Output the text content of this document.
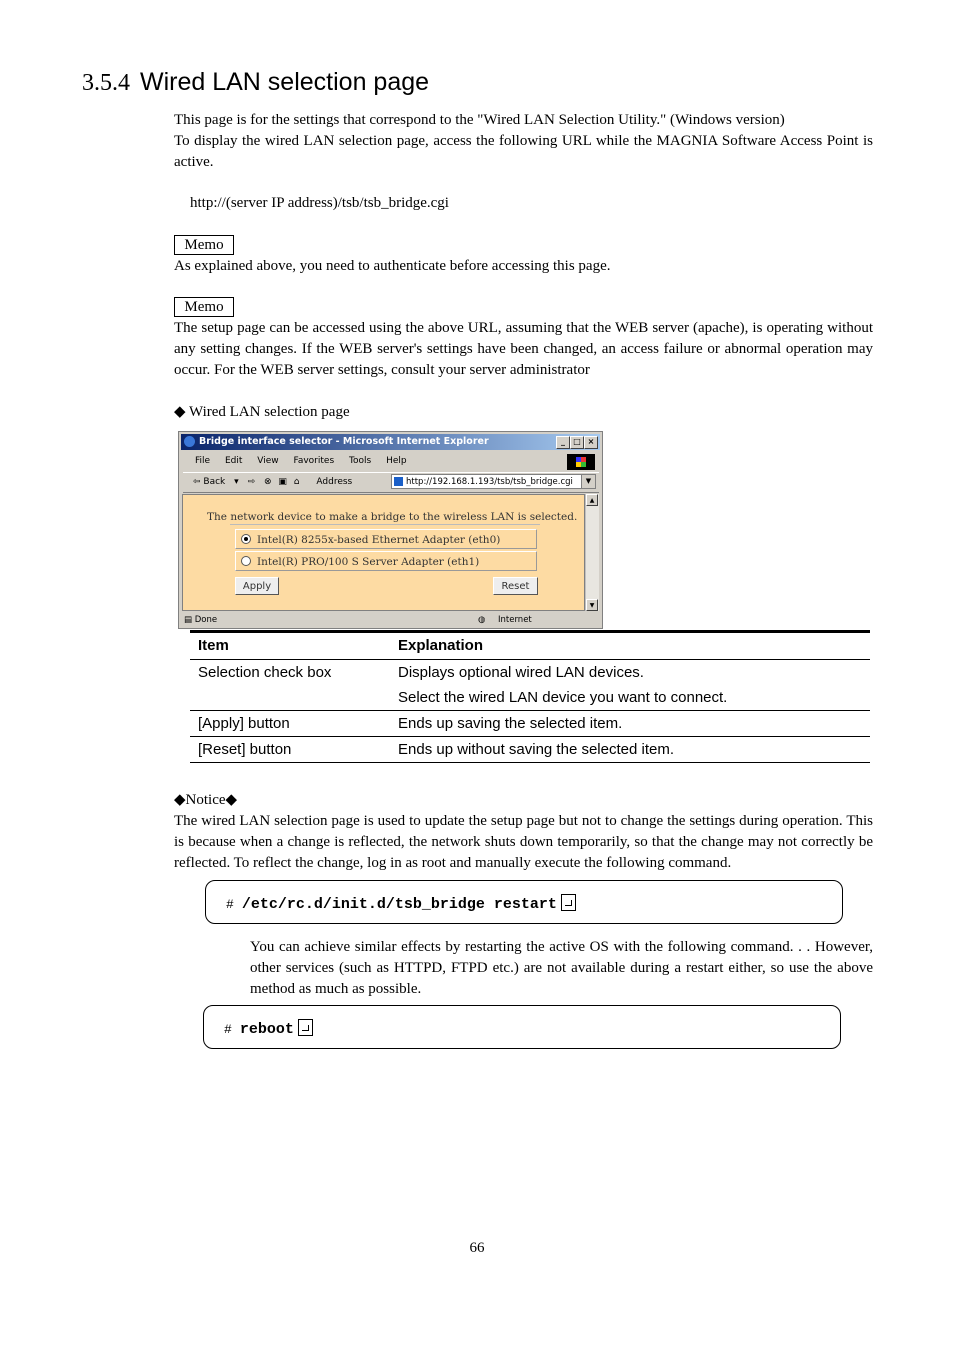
3.5.4 Wired LAN selection page
This page is for the settings that correspond to the "Wired LAN Selection Utility." (Windows version)
To display the wired LAN selection page, access the following URL while the MAGNIA Software Access Point is active.
http://(server IP address)/tsb/tsb_bridge.cgi
Memo
As explained above, you need to authenticate before accessing this page.
Memo
The setup page can be accessed using the above URL, assuming that the WEB server (apache), is operating without any setting changes. If the WEB server's settings have been changed, an access failure or abnormal operation may occur. For the WEB server settings, consult your server administrator
◆ Wired LAN selection page
Bridge interface selector - Microsoft Internet Explorer	_	□ ×
File Edit View Favorites Tools Help
⇦ Back ▾ ⇨ ⊗ ▣ ⌂ Address	http://192.168.1.193/tsb/tsb_bridge.cgi	▼
The network device to make a bridge to the wireless LAN is selected.
Intel(R) 8255x-based Ethernet Adapter (eth0)
Intel(R) PRO/100 S Server Adapter (eth1)
Apply	Reset
▲
▼
▤ Done	◍ Internet
Item	Explanation
Selection check box	Displays optional wired LAN devices.
	Select the wired LAN device you want to connect.
[Apply] button	Ends up saving the selected item.
[Reset] button	Ends up without saving the selected item.
◆Notice◆
The wired LAN selection page is used to update the setup page but not to change the settings during operation. This is because when a change is reflected, the network shuts down temporarily, so that the change may not correctly be reflected. To reflect the change, log in as root and manually execute the following command.
# /etc/rc.d/init.d/tsb_bridge restart
You can achieve similar effects by restarting the active OS with the following command. . . However, other services (such as HTTPD, FTPD etc.) are not available during a restart either, so use the above method as much as possible.
# reboot
66
